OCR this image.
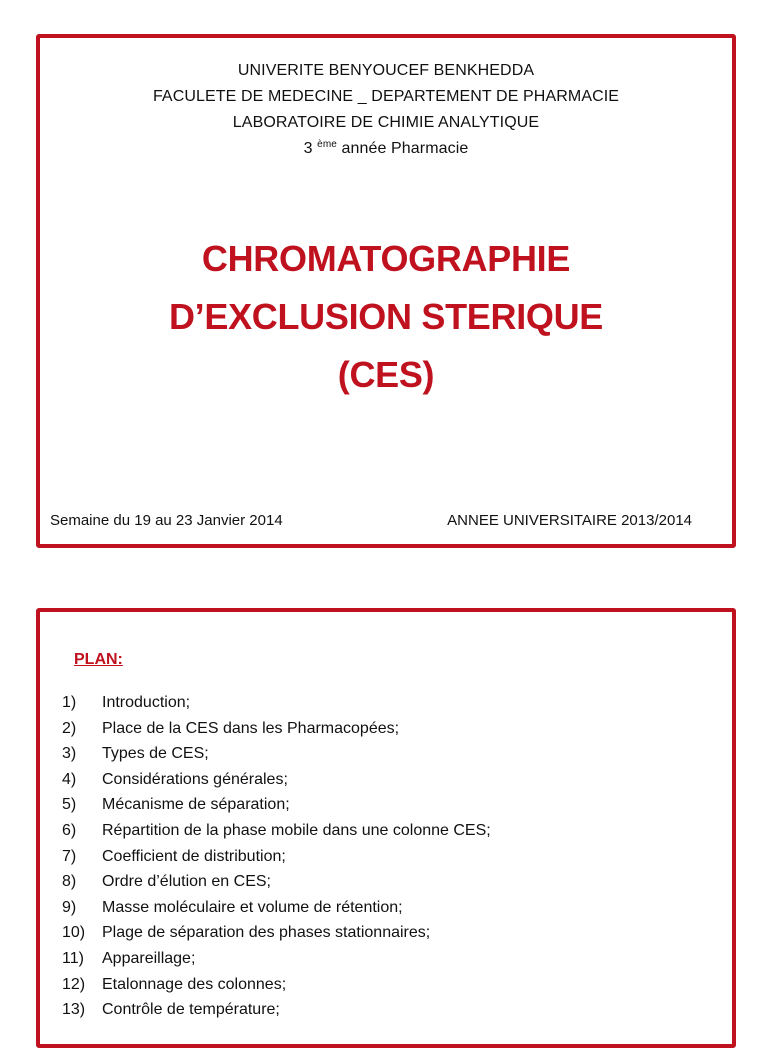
UNIVERITE BENYOUCEF BENKHEDDA
FACULETE DE MEDECINE _ DEPARTEMENT DE PHARMACIE
LABORATOIRE DE CHIMIE ANALYTIQUE
3 $^{ème}$ année Pharmacie
CHROMATOGRAPHIE
D’EXCLUSION STERIQUE
(CES)
Semaine du 19 au 23 Janvier 2014	ANNEE UNIVERSITAIRE 2013/2014
PLAN:
1)	Introduction;
2)	Place de la CES dans les Pharmacopées;
3)	Types de CES;
4)	Considérations générales;
5)	Mécanisme de séparation;
6)	Répartition de la phase mobile dans une colonne CES;
7)	Coefficient de distribution;
8)	Ordre d’élution en CES;
9)	Masse moléculaire et volume de rétention;
10)	Plage de séparation des phases stationnaires;
11)	Appareillage;
12)	Etalonnage des colonnes;
13)	Contrôle de température;
